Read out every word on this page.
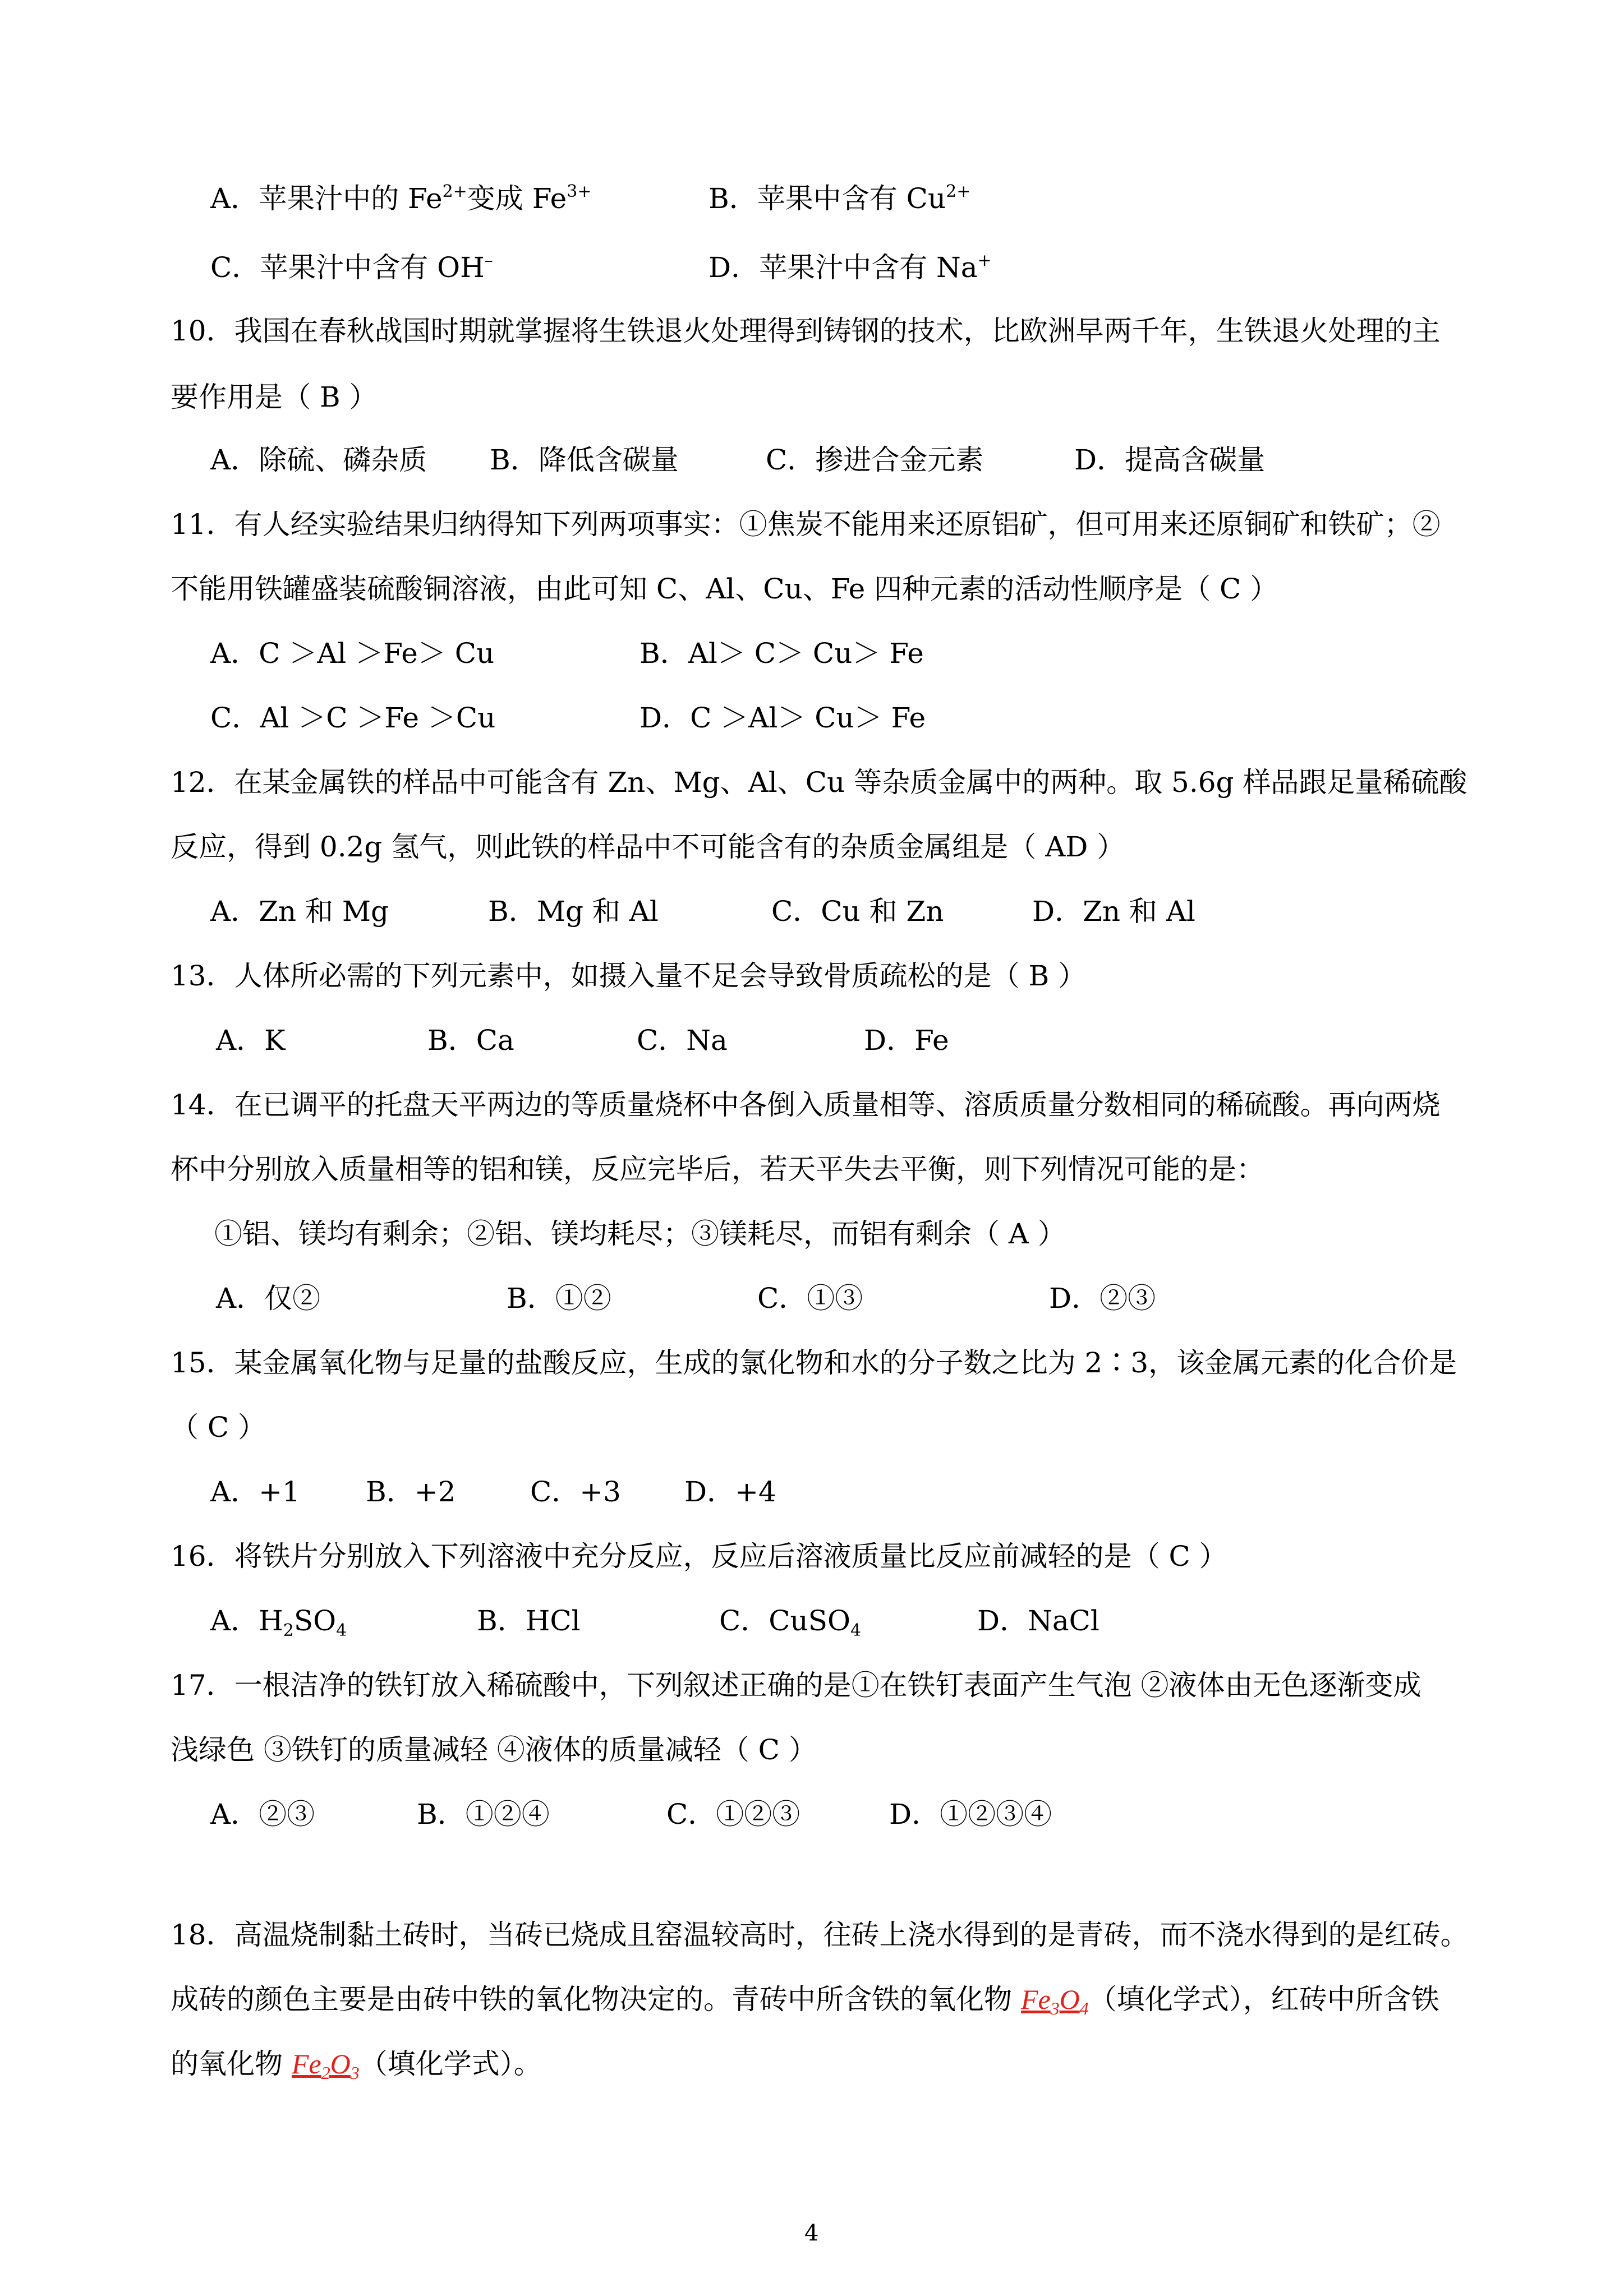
A．苹果汁中的 $Fe^{2+}$变成 $Fe^{3+}$	B．苹果中含有 $Cu^{2+}$
C．苹果汁中含有 OH–	D．苹果汁中含有 Na+
10．我国在春秋战国时期就掌握将生铁退火处理得到铸钢的技术，比欧洲早两千年，生铁退火处理的主
要作用是（ B ）
A．除硫、磷杂质 B．降低含碳量	C．掺进合金元素	D．提高含碳量
11．有人经实验结果归纳得知下列两项事实：①焦炭不能用来还原铝矿，但可用来还原铜矿和铁矿；②
不能用铁罐盛装硫酸铜溶液，由此可知 C、Al、Cu、Fe 四种元素的活动性顺序是（ C ）
A．C ＞Al ＞Fe＞ Cu	B．Al＞ C＞ Cu＞ Fe
C．Al ＞C ＞Fe ＞Cu	D．C ＞Al＞ Cu＞ Fe
12．在某金属铁的样品中可能含有 Zn、Mg、Al、Cu 等杂质金属中的两种。取 5.6g 样品跟足量稀硫酸
反应，得到 0.2g 氢气，则此铁的样品中不可能含有的杂质金属组是（ AD ）
A．Zn 和 Mg	B．Mg 和 Al	C．Cu 和 Zn	D．Zn 和 Al
13．人体所必需的下列元素中，如摄入量不足会导致骨质疏松的是（ B ）
A．K	B．Ca	C．Na	D．Fe
14．在已调平的托盘天平两边的等质量烧杯中各倒入质量相等、溶质质量分数相同的稀硫酸。再向两烧
杯中分别放入质量相等的铝和镁，反应完毕后，若天平失去平衡，则下列情况可能的是：
①铝、镁均有剩余；②铝、镁均耗尽；③镁耗尽，而铝有剩余（ A ）
A．仅②	B．①②	C．①③	D．②③
15．某金属氧化物与足量的盐酸反应，生成的氯化物和水的分子数之比为 2∶3，该金属元素的化合价是
（ C ）
A．+1 B．+2	C．+3 D．+4
16．将铁片分别放入下列溶液中充分反应，反应后溶液质量比反应前减轻的是（ C ）
A．$H_2SO_4$	B．HCl	C．CuSO$_4$	D．NaCl
17．一根洁净的铁钉放入稀硫酸中，下列叙述正确的是①在铁钉表面产生气泡 ②液体由无色逐渐变成
浅绿色 ③铁钉的质量减轻 ④液体的质量减轻（ C ）
A．②③	B．①②④	C．①②③	D．①②③④
18．高温烧制黏土砖时，当砖已烧成且窑温较高时，往砖上浇水得到的是青砖，而不浇水得到的是红砖。
成砖的颜色主要是由砖中铁的氧化物决定的。青砖中所含铁的氧化物 $Fe_3O_4$（填化学式），红砖中所含铁
的氧化物 $Fe_2O_3$（填化学式）。
4
